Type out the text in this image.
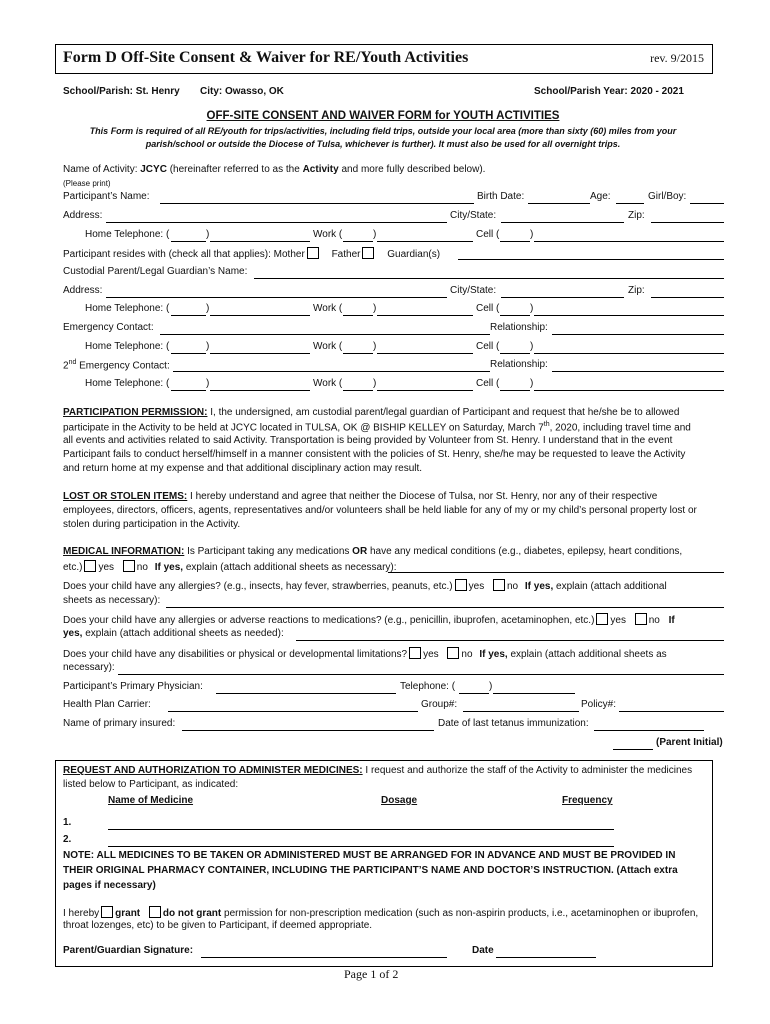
Form D Off-Site Consent & Waiver for RE/Youth Activities	rev. 9/2015
School/Parish: St. Henry City: Owasso, OK	School/Parish Year: 2020 - 2021
OFF-SITE CONSENT AND WAIVER FORM for YOUTH ACTIVITIES
This Form is required of all RE/youth for trips/activities, including field trips, outside your local area (more than sixty (60) miles from your
parish/school or outside the Diocese of Tulsa, whichever is further). It must also be used for all overnight trips.
Name of Activity: JCYC (hereinafter referred to as the Activity and more fully described below).
(Please print)
Participant’s Name:	Birth Date:	Age:	Girl/Boy:
Address:	City/State:	Zip:
Home Telephone: (	)	Work (	)	Cell (	)
Participant resides with (check all that applies): Mother	Father	Guardian(s)
Custodial Parent/Legal Guardian’s Name:
Address:	City/State:	Zip:
Home Telephone: (	)	Work (	)	Cell (	)
Emergency Contact:	Relationship:
Home Telephone: (	)	Work (	)	Cell (	)
2nd Emergency Contact:	Relationship:
Home Telephone: (	)	Work (	)	Cell (	)
PARTICIPATION PERMISSION: I, the undersigned, am custodial parent/legal guardian of Participant and request that he/she be to allowed
participate in the Activity to be held at JCYC located in TULSA, OK @ BISHIP KELLEY on Saturday, March 7th, 2020, including travel time and
all events and activities related to said Activity. Transportation is being provided by Volunteer from St. Henry. I understand that in the event
Participant fails to conduct herself/himself in a manner consistent with the policies of St. Henry, she/he may be requested to leave the Activity
and return home at my expense and that additional disciplinary action may result.
LOST OR STOLEN ITEMS: I hereby understand and agree that neither the Diocese of Tulsa, nor St. Henry, nor any of their respective
employees, directors, officers, agents, representatives and/or volunteers shall be held liable for any of my or my child’s personal property lost or
stolen during participation in the Activity.
MEDICAL INFORMATION: Is Participant taking any medications OR have any medical conditions (e.g., diabetes, epilepsy, heart conditions,
etc.) yes no If yes, explain (attach additional sheets as necessary):
Does your child have any allergies? (e.g., insects, hay fever, strawberries, peanuts, etc.) yes no If yes, explain (attach additional
sheets as necessary):
Does your child have any allergies or adverse reactions to medications? (e.g., penicillin, ibuprofen, acetaminophen, etc.) yes no If
yes, explain (attach additional sheets as needed):
Does your child have any disabilities or physical or developmental limitations? yes no If yes, explain (attach additional sheets as
necessary):
Participant’s Primary Physician:	Telephone: (	)
Health Plan Carrier:	Group#:	Policy#:
Name of primary insured:	Date of last tetanus immunization:
(Parent Initial)
REQUEST AND AUTHORIZATION TO ADMINISTER MEDICINES: I request and authorize the staff of the Activity to administer the medicines
listed below to Participant, as indicated:
Name of Medicine	Dosage	Frequency
1.
2.
NOTE: ALL MEDICINES TO BE TAKEN OR ADMINISTERED MUST BE ARRANGED FOR IN ADVANCE AND MUST BE PROVIDED IN
THEIR ORIGINAL PHARMACY CONTAINER, INCLUDING THE PARTICIPANT’S NAME AND DOCTOR’S INSTRUCTION. (Attach extra
pages if necessary)
I hereby grant do not grant permission for non-prescription medication (such as non-aspirin products, i.e., acetaminophen or ibuprofen,
throat lozenges, etc) to be given to Participant, if deemed appropriate.
Parent/Guardian Signature:	Date
Page 1 of 2
